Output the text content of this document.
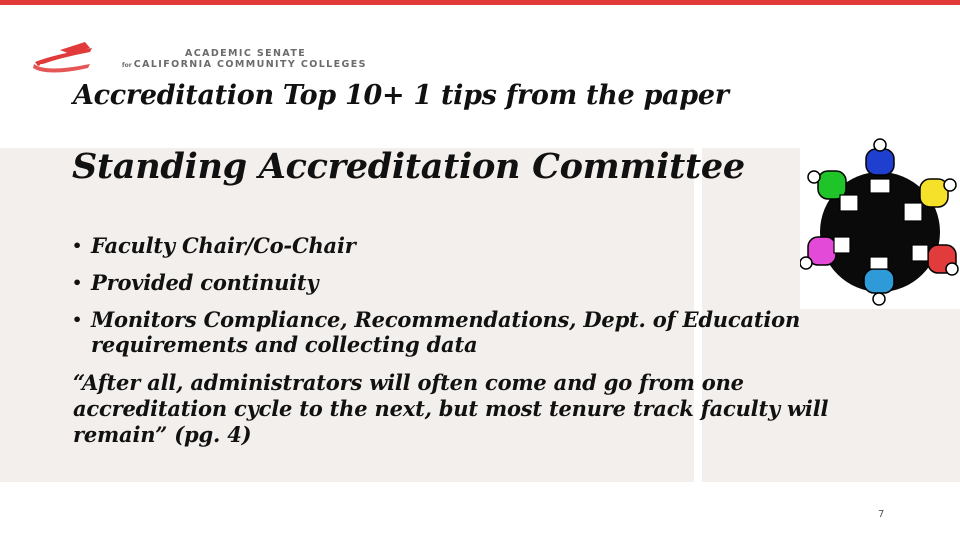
ACADEMIC SENATE
for CALIFORNIA COMMUNITY COLLEGES
Accreditation Top 10+ 1 tips from the paper
Standing Accreditation Committee
• Faculty Chair/Co-Chair
• Provided continuity
• Monitors Compliance, Recommendations, Dept. of Education requirements and collecting data
“After all, administrators will often come and go from one accreditation cycle to the next, but most tenure track faculty will remain” (pg. 4)
7
